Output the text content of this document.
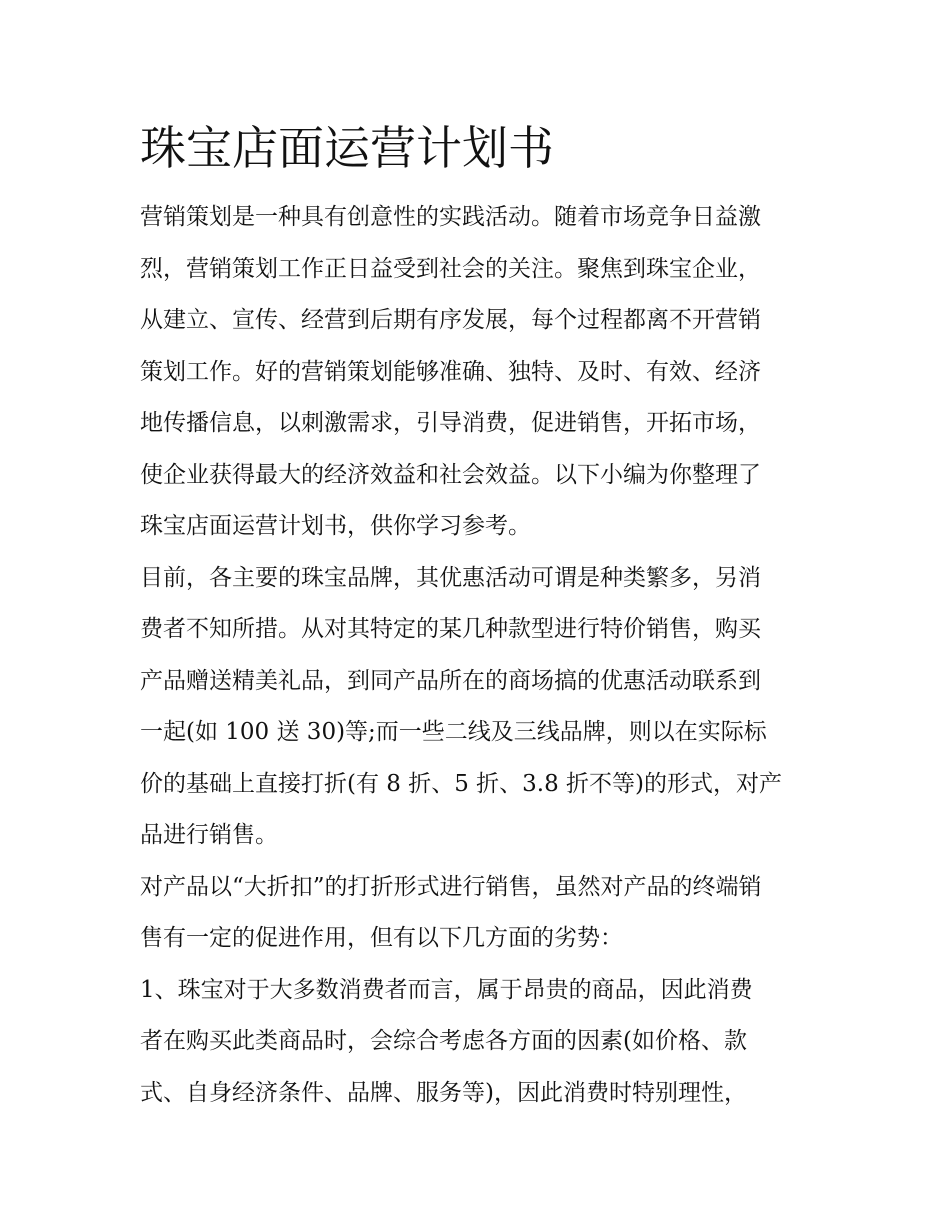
珠宝店面运营计划书

营销策划是一种具有创意性的实践活动。随着市场竞争日益激
烈，营销策划工作正日益受到社会的关注。聚焦到珠宝企业，
从建立、宣传、经营到后期有序发展，每个过程都离不开营销
策划工作。好的营销策划能够准确、独特、及时、有效、经济
地传播信息，以刺激需求，引导消费，促进销售，开拓市场，
使企业获得最大的经济效益和社会效益。以下小编为你整理了
珠宝店面运营计划书，供你学习参考。

目前，各主要的珠宝品牌，其优惠活动可谓是种类繁多，另消
费者不知所措。从对其特定的某几种款型进行特价销售，购买
产品赠送精美礼品，到同产品所在的商场搞的优惠活动联系到
一起(如 100 送 30)等;而一些二线及三线品牌，则以在实际标
价的基础上直接打折(有 8 折、5 折、3.8 折不等)的形式，对产
品进行销售。

对产品以“大折扣”的打折形式进行销售，虽然对产品的终端销
售有一定的促进作用，但有以下几方面的劣势：

1、珠宝对于大多数消费者而言，属于昂贵的商品，因此消费
者在购买此类商品时，会综合考虑各方面的因素(如价格、款
式、自身经济条件、品牌、服务等)，因此消费时特别理性，
